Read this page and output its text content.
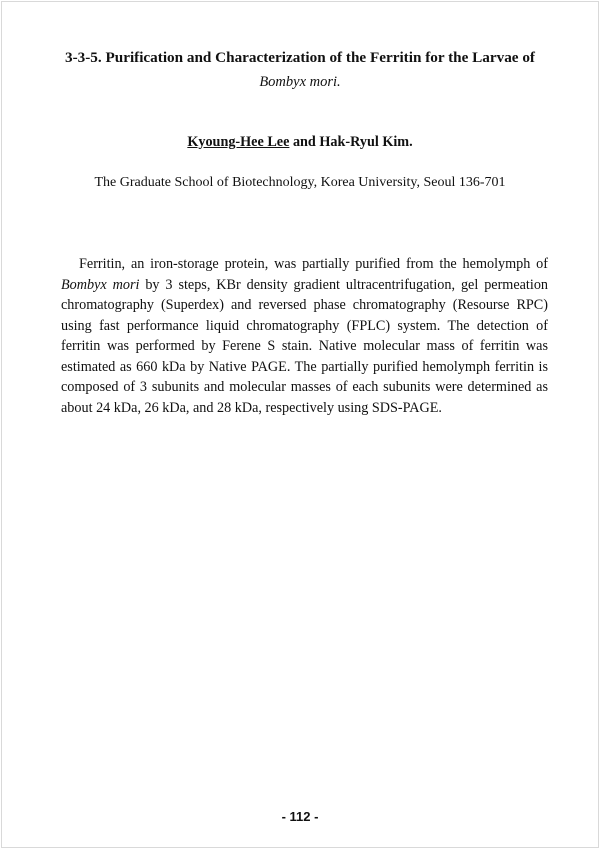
3-3-5. Purification and Characterization of the Ferritin for the Larvae of
Bombyx mori.

Kyoung-Hee Lee and Hak-Ryul Kim.

The Graduate School of Biotechnology, Korea University, Seoul 136-701

Ferritin, an iron-storage protein, was partially purified from the hemolymph of Bombyx mori by 3 steps, KBr density gradient ultracentrifugation, gel permeation chromatography (Superdex) and reversed phase chromatography (Resourse RPC) using fast performance liquid chromatography (FPLC) system. The detection of ferritin was performed by Ferene S stain. Native molecular mass of ferritin was estimated as 660 kDa by Native PAGE. The partially purified hemolymph ferritin is composed of 3 subunits and molecular masses of each subunits were determined as about 24 kDa, 26 kDa, and 28 kDa, respectively using SDS-PAGE.

- 112 -
